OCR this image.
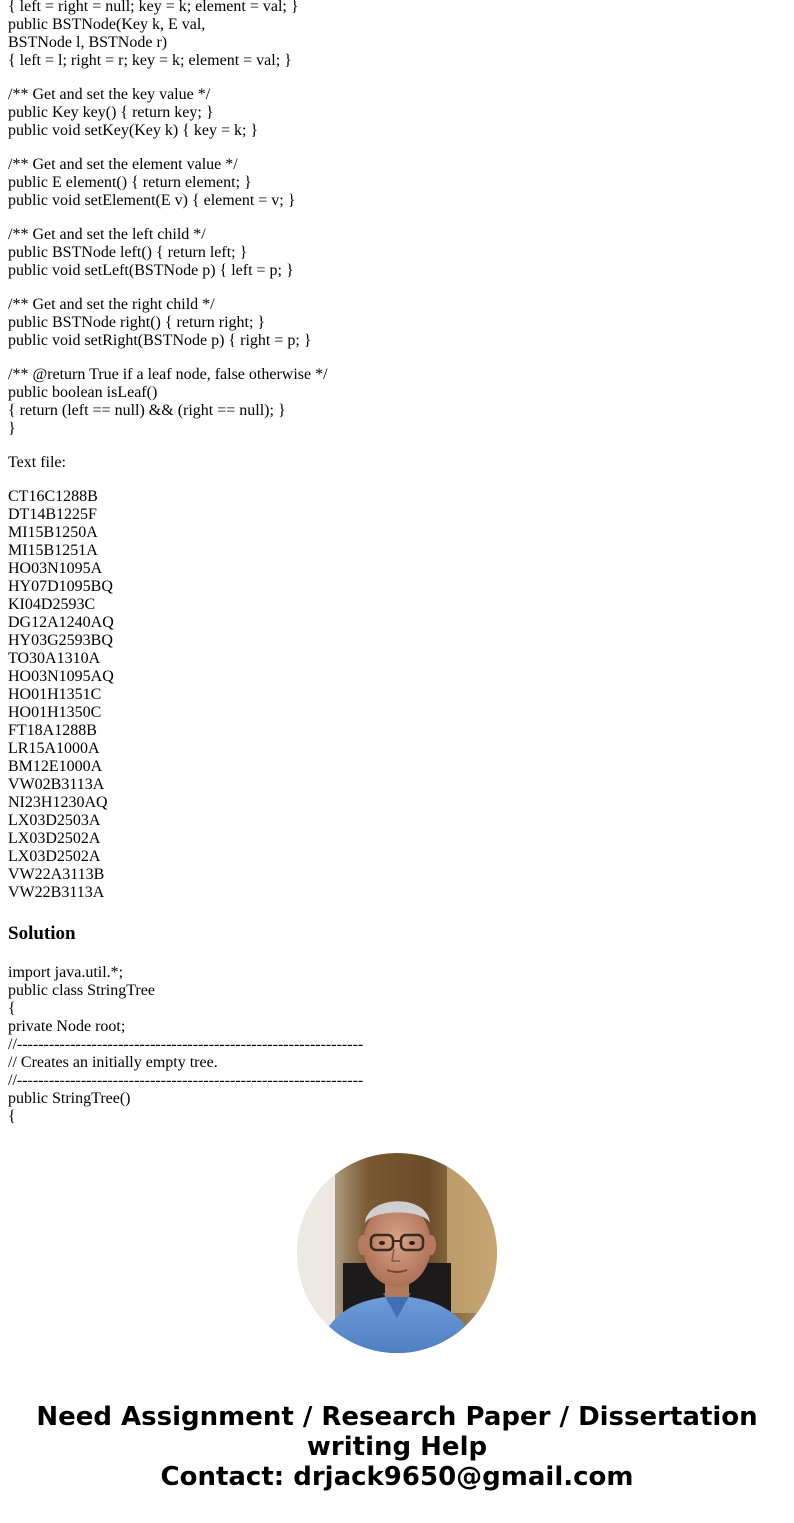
{ left = right = null; key = k; element = val; }
public BSTNode(Key k, E val,
BSTNode l, BSTNode r)
{ left = l; right = r; key = k; element = val; }
/** Get and set the key value */
public Key key() { return key; }
public void setKey(Key k) { key = k; }
/** Get and set the element value */
public E element() { return element; }
public void setElement(E v) { element = v; }
/** Get and set the left child */
public BSTNode left() { return left; }
public void setLeft(BSTNode p) { left = p; }
/** Get and set the right child */
public BSTNode right() { return right; }
public void setRight(BSTNode p) { right = p; }
/** @return True if a leaf node, false otherwise */
public boolean isLeaf()
{ return (left == null) && (right == null); }
}
Text file:
CT16C1288B
DT14B1225F
MI15B1250A
MI15B1251A
HO03N1095A
HY07D1095BQ
KI04D2593C
DG12A1240AQ
HY03G2593BQ
TO30A1310A
HO03N1095AQ
HO01H1351C
HO01H1350C
FT18A1288B
LR15A1000A
BM12E1000A
VW02B3113A
NI23H1230AQ
LX03D2503A
LX03D2502A
LX03D2502A
VW22A3113B
VW22B3113A
Solution
import java.util.*;
public class StringTree
{
private Node root;
//-----------------------------------------------------------------
// Creates an initially empty tree.
//-----------------------------------------------------------------
public StringTree()
{
Need Assignment / Research Paper / Dissertation
writing Help
Contact: drjack9650@gmail.com
